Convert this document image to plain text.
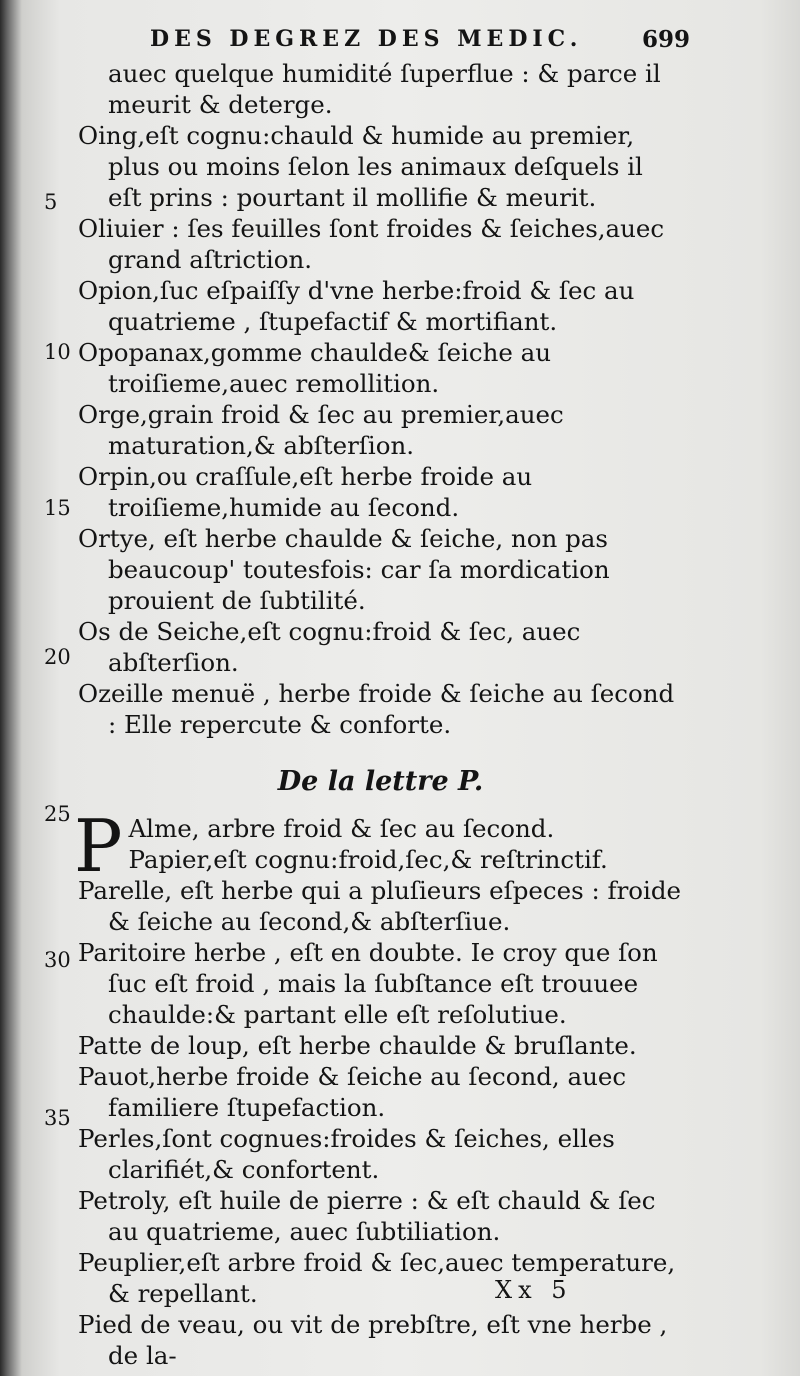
DES DEGREZ DES MEDIC.	699
5
10
15
20
25
30
35
auec quelque humidité ſuperflue : & parce il meurit & deterge.
Oing,eſt cognu:chauld & humide au premier, plus ou moins ſelon les animaux deſquels il eſt prins : pourtant il mollifie & meurit.
Oliuier : ſes feuilles ſont froides & ſeiches,auec grand aſtriction.
Opion,ſuc eſpaiſſy d'vne herbe:froid & ſec au quatrieme , ſtupefactif & mortifiant.
Opopanax,gomme chaulde& ſeiche au troiſieme,auec remollition.
Orge,grain froid & ſec au premier,auec maturation,& abſterſion.
Orpin,ou craſſule,eſt herbe froide au troiſieme,humide au ſecond.
Ortye, eſt herbe chaulde & ſeiche, non pas beaucoup' toutesfois: car ſa mordication prouient de ſubtilité.
Os de Seiche,eſt cognu:froid & ſec, auec abſterſion.
Ozeille menuë , herbe froide & ſeiche au ſecond : Elle repercute & conforte.
De la lettre P.
P Alme, arbre froid & ſec au ſecond.
Papier,eſt cognu:froid,ſec,& reſtrinctif.
Parelle, eſt herbe qui a pluſieurs eſpeces : froide & ſeiche au ſecond,& abſterſiue.
Paritoire herbe , eſt en doubte. Ie croy que ſon ſuc eſt froid , mais la ſubſtance eſt trouuee chaulde:& partant elle eſt reſolutiue.
Patte de loup, eſt herbe chaulde & bruſlante.
Pauot,herbe froide & ſeiche au ſecond, auec familiere ſtupefaction.
Perles,ſont cognues:froides & ſeiches, elles clarifiét,& confortent.
Petroly, eſt huile de pierre : & eſt chauld & ſec au quatrieme, auec ſubtiliation.
Peuplier,eſt arbre froid & ſec,auec temperature, & repellant.
Pied de veau, ou vit de prebſtre, eſt vne herbe , de la-
Xx 5
